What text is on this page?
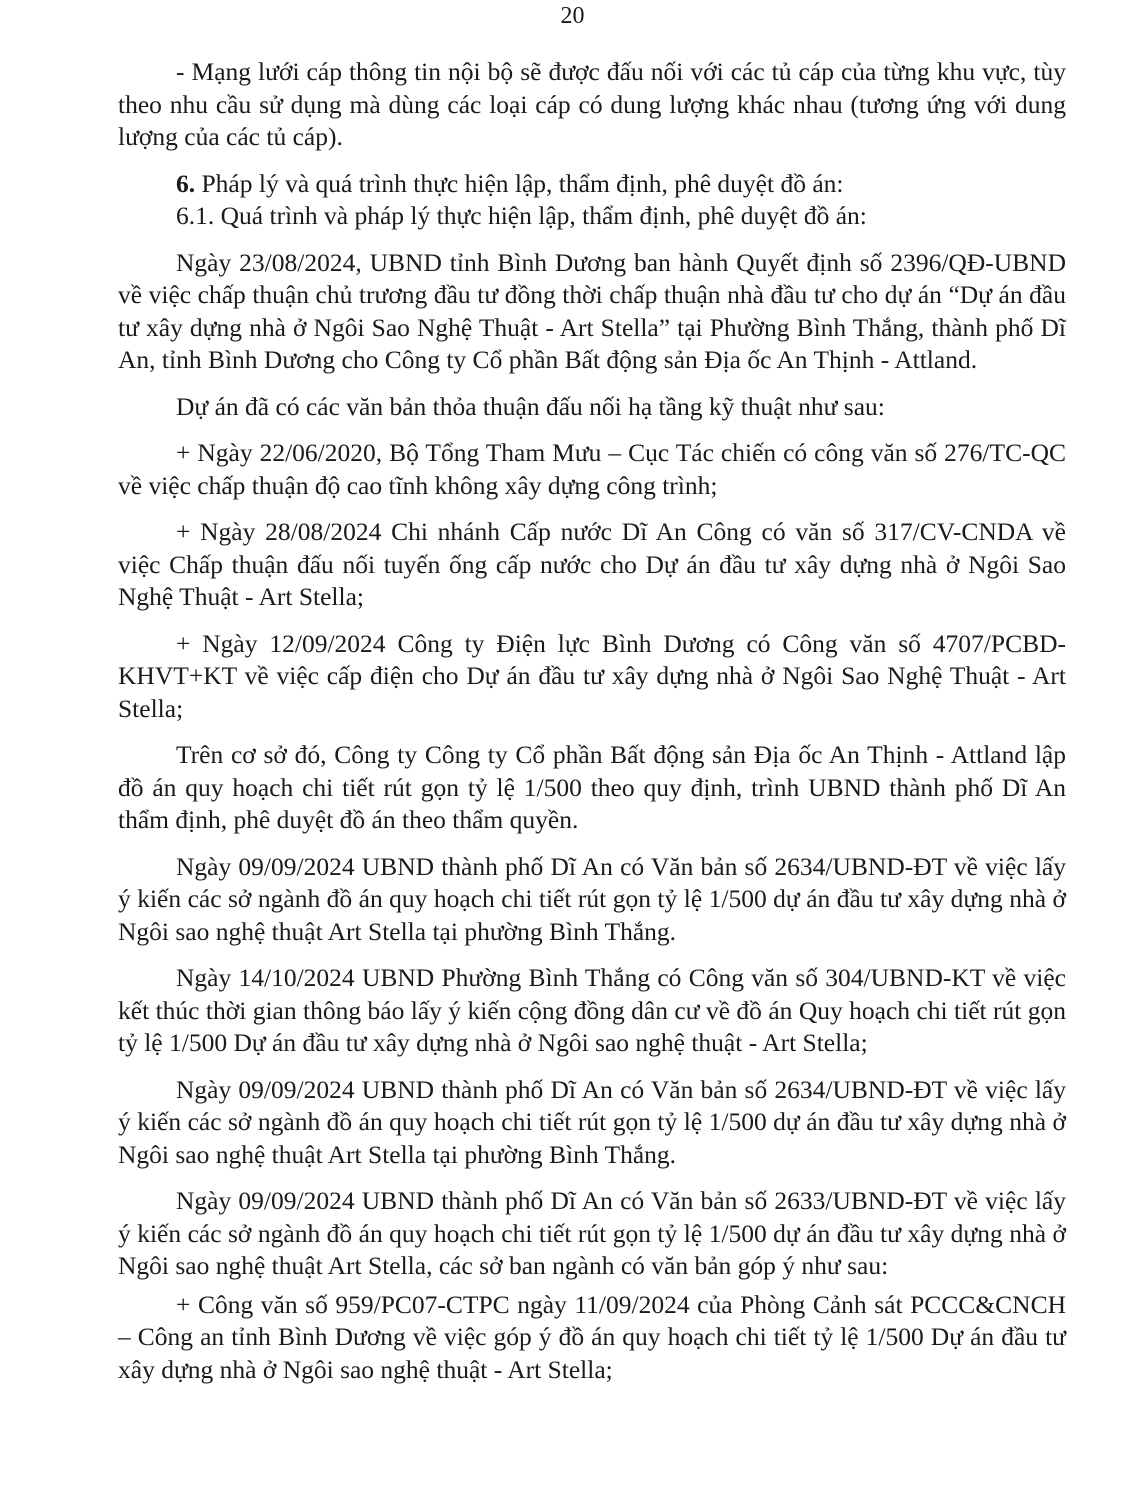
20

- Mạng lưới cáp thông tin nội bộ sẽ được đấu nối với các tủ cáp của từng khu vực, tùy theo nhu cầu sử dụng mà dùng các loại cáp có dung lượng khác nhau (tương ứng với dung lượng của các tủ cáp).

6. Pháp lý và quá trình thực hiện lập, thẩm định, phê duyệt đồ án:

6.1. Quá trình và pháp lý thực hiện lập, thẩm định, phê duyệt đồ án:

Ngày 23/08/2024, UBND tỉnh Bình Dương ban hành Quyết định số 2396/QĐ-UBND về việc chấp thuận chủ trương đầu tư đồng thời chấp thuận nhà đầu tư cho dự án “Dự án đầu tư xây dựng nhà ở Ngôi Sao Nghệ Thuật - Art Stella” tại Phường Bình Thắng, thành phố Dĩ An, tỉnh Bình Dương cho Công ty Cổ phần Bất động sản Địa ốc An Thịnh - Attland.

Dự án đã có các văn bản thỏa thuận đấu nối hạ tầng kỹ thuật như sau:

+ Ngày 22/06/2020, Bộ Tổng Tham Mưu – Cục Tác chiến có công văn số 276/TC-QC về việc chấp thuận độ cao tĩnh không xây dựng công trình;

+ Ngày 28/08/2024 Chi nhánh Cấp nước Dĩ An Công có văn số 317/CV-CNDA về việc Chấp thuận đấu nối tuyến ống cấp nước cho Dự án đầu tư xây dựng nhà ở Ngôi Sao Nghệ Thuật - Art Stella;

+ Ngày 12/09/2024 Công ty Điện lực Bình Dương có Công văn số 4707/PCBD-KHVT+KT về việc cấp điện cho Dự án đầu tư xây dựng nhà ở Ngôi Sao Nghệ Thuật - Art Stella;

Trên cơ sở đó, Công ty Công ty Cổ phần Bất động sản Địa ốc An Thịnh - Attland lập đồ án quy hoạch chi tiết rút gọn tỷ lệ 1/500 theo quy định, trình UBND thành phố Dĩ An thẩm định, phê duyệt đồ án theo thẩm quyền.

Ngày 09/09/2024 UBND thành phố Dĩ An có Văn bản số 2634/UBND-ĐT về việc lấy ý kiến các sở ngành đồ án quy hoạch chi tiết rút gọn tỷ lệ 1/500 dự án đầu tư xây dựng nhà ở Ngôi sao nghệ thuật Art Stella tại phường Bình Thắng.

Ngày 14/10/2024 UBND Phường Bình Thắng có Công văn số 304/UBND-KT về việc kết thúc thời gian thông báo lấy ý kiến cộng đồng dân cư về đồ án Quy hoạch chi tiết rút gọn tỷ lệ 1/500 Dự án đầu tư xây dựng nhà ở Ngôi sao nghệ thuật - Art Stella;

Ngày 09/09/2024 UBND thành phố Dĩ An có Văn bản số 2634/UBND-ĐT về việc lấy ý kiến các sở ngành đồ án quy hoạch chi tiết rút gọn tỷ lệ 1/500 dự án đầu tư xây dựng nhà ở Ngôi sao nghệ thuật Art Stella tại phường Bình Thắng.

Ngày 09/09/2024 UBND thành phố Dĩ An có Văn bản số 2633/UBND-ĐT về việc lấy ý kiến các sở ngành đồ án quy hoạch chi tiết rút gọn tỷ lệ 1/500 dự án đầu tư xây dựng nhà ở Ngôi sao nghệ thuật Art Stella, các sở ban ngành có văn bản góp ý như sau:

+ Công văn số 959/PC07-CTPC ngày 11/09/2024 của Phòng Cảnh sát PCCC&CNCH – Công an tỉnh Bình Dương về việc góp ý đồ án quy hoạch chi tiết tỷ lệ 1/500 Dự án đầu tư xây dựng nhà ở Ngôi sao nghệ thuật - Art Stella;
